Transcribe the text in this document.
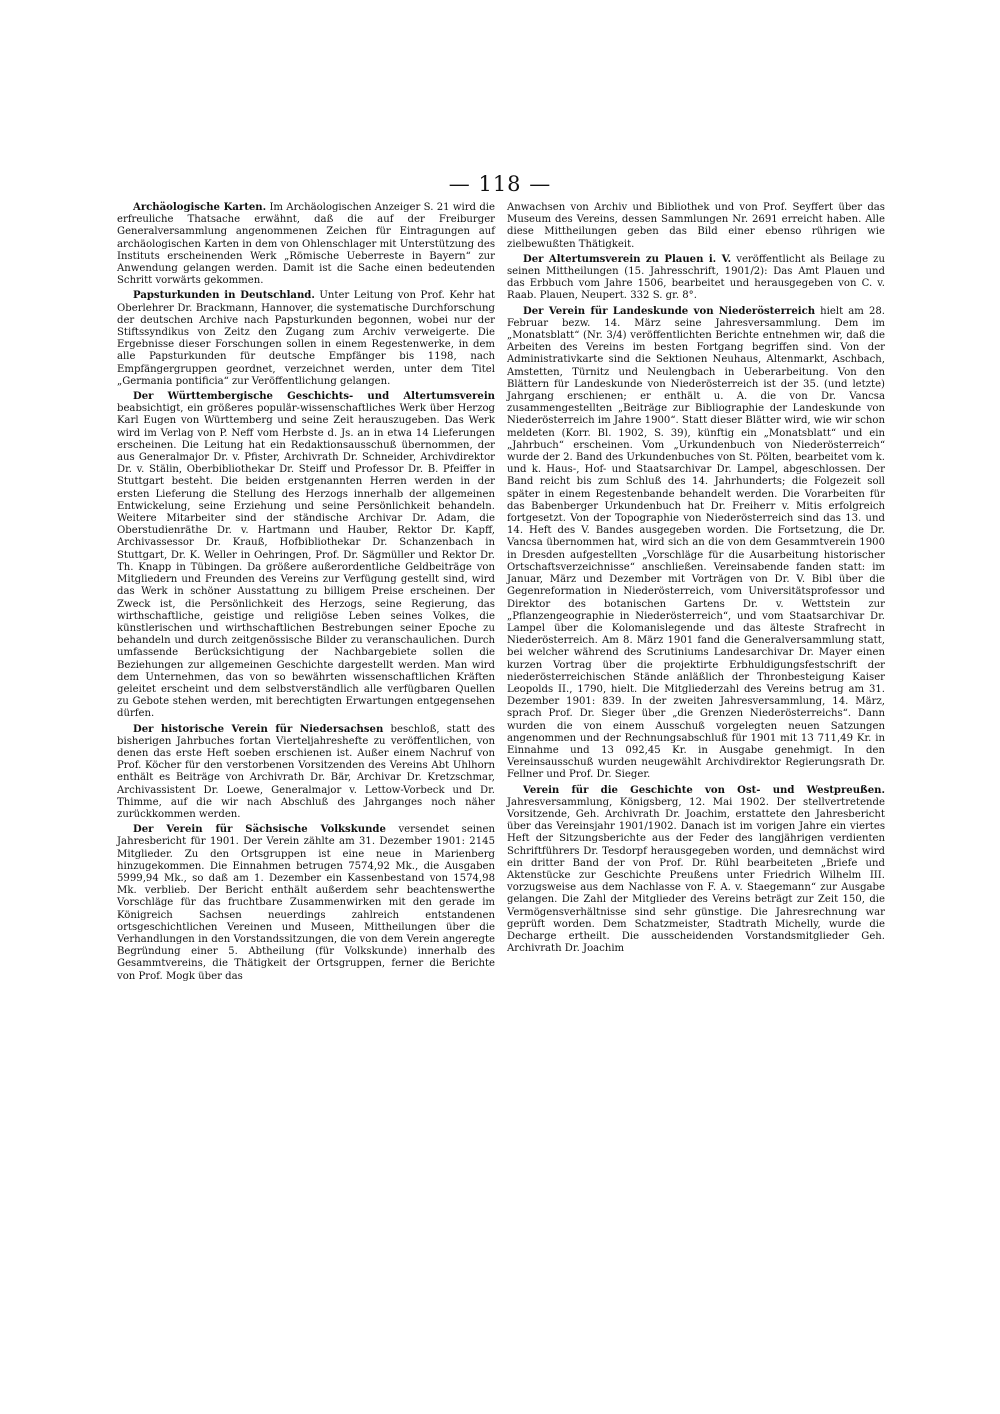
— 118 —

Archäologische Karten. Im Archäologischen Anzeiger S. 21 wird die erfreuliche Thatsache erwähnt, daß die auf der Freiburger Generalversammlung angenommenen Zeichen für Eintragungen auf archäologischen Karten in dem von Ohlenschlager mit Unterstützung des Instituts erscheinenden Werk „Römische Ueberreste in Bayern“ zur Anwendung gelangen werden. Damit ist die Sache einen bedeutenden Schritt vorwärts gekommen.

Papsturkunden in Deutschland. Unter Leitung von Prof. Kehr hat Oberlehrer Dr. Brackmann, Hannover, die systematische Durchforschung der deutschen Archive nach Papsturkunden begonnen, wobei nur der Stiftssyndikus von Zeitz den Zugang zum Archiv verweigerte. Die Ergebnisse dieser Forschungen sollen in einem Regestenwerke, in dem alle Papsturkunden für deutsche Empfänger bis 1198, nach Empfängergruppen geordnet, verzeichnet werden, unter dem Titel „Germania pontificia“ zur Veröffentlichung gelangen.

Der Württembergische Geschichts- und Altertumsverein beabsichtigt, ein größeres populär-wissenschaftliches Werk über Herzog Karl Eugen von Württemberg und seine Zeit herauszugeben. Das Werk wird im Verlag von P. Neff vom Herbste d. Js. an in etwa 14 Lieferungen erscheinen. Die Leitung hat ein Redaktionsausschuß übernommen, der aus Generalmajor Dr. v. Pfister, Archivrath Dr. Schneider, Archivdirektor Dr. v. Stälin, Oberbibliothekar Dr. Steiff und Professor Dr. B. Pfeiffer in Stuttgart besteht. Die beiden erstgenannten Herren werden in der ersten Lieferung die Stellung des Herzogs innerhalb der allgemeinen Entwickelung, seine Erziehung und seine Persönlichkeit behandeln. Weitere Mitarbeiter sind der ständische Archivar Dr. Adam, die Oberstudienräthe Dr. v. Hartmann und Hauber, Rektor Dr. Kapff, Archivassessor Dr. Krauß, Hofbibliothekar Dr. Schanzenbach in Stuttgart, Dr. K. Weller in Oehringen, Prof. Dr. Sägmüller und Rektor Dr. Th. Knapp in Tübingen. Da größere außerordentliche Geldbeiträge von Mitgliedern und Freunden des Vereins zur Verfügung gestellt sind, wird das Werk in schöner Ausstattung zu billigem Preise erscheinen. Der Zweck ist, die Persönlichkeit des Herzogs, seine Regierung, das wirthschaftliche, geistige und religiöse Leben seines Volkes, die künstlerischen und wirthschaftlichen Bestrebungen seiner Epoche zu behandeln und durch zeitgenössische Bilder zu veranschaulichen. Durch umfassende Berücksichtigung der Nachbargebiete sollen die Beziehungen zur allgemeinen Geschichte dargestellt werden. Man wird dem Unternehmen, das von so bewährten wissenschaftlichen Kräften geleitet erscheint und dem selbstverständlich alle verfügbaren Quellen zu Gebote stehen werden, mit berechtigten Erwartungen entgegensehen dürfen.

Der historische Verein für Niedersachsen beschloß, statt des bisherigen Jahrbuches fortan Vierteljahreshefte zu veröffentlichen, von denen das erste Heft soeben erschienen ist. Außer einem Nachruf von Prof. Köcher für den verstorbenen Vorsitzenden des Vereins Abt Uhlhorn enthält es Beiträge von Archivrath Dr. Bär, Archivar Dr. Kretzschmar, Archivassistent Dr. Loewe, Generalmajor v. Lettow-Vorbeck und Dr. Thimme, auf die wir nach Abschluß des Jahrganges noch näher zurückkommen werden.

Der Verein für Sächsische Volkskunde versendet seinen Jahresbericht für 1901. Der Verein zählte am 31. Dezember 1901: 2145 Mitglieder. Zu den Ortsgruppen ist eine neue in Marienberg hinzugekommen. Die Einnahmen betrugen 7574,92 Mk., die Ausgaben 5999,94 Mk., so daß am 1. Dezember ein Kassenbestand von 1574,98 Mk. verblieb. Der Bericht enthält außerdem sehr beachtenswerthe Vorschläge für das fruchtbare Zusammenwirken mit den gerade im Königreich Sachsen neuerdings zahlreich entstandenen ortsgeschichtlichen Vereinen und Museen, Mittheilungen über die Verhandlungen in den Vorstandssitzungen, die von dem Verein angeregte Begründung einer 5. Abtheilung (für Volkskunde) innerhalb des Gesammtvereins, die Thätigkeit der Ortsgruppen, ferner die Berichte von Prof. Mogk über das

Anwachsen von Archiv und Bibliothek und von Prof. Seyffert über das Museum des Vereins, dessen Sammlungen Nr. 2691 erreicht haben. Alle diese Mittheilungen geben das Bild einer ebenso rührigen wie zielbewußten Thätigkeit.

Der Altertumsverein zu Plauen i. V. veröffentlicht als Beilage zu seinen Mittheilungen (15. Jahresschrift, 1901/2): Das Amt Plauen und das Erbbuch vom Jahre 1506, bearbeitet und herausgegeben von C. v. Raab. Plauen, Neupert. 332 S. gr. 8°.

Der Verein für Landeskunde von Niederösterreich hielt am 28. Februar bezw. 14. März seine Jahresversammlung. Dem im „Monatsblatt“ (Nr. 3/4) veröffentlichten Berichte entnehmen wir, daß die Arbeiten des Vereins im besten Fortgang begriffen sind. Von der Administrativkarte sind die Sektionen Neuhaus, Altenmarkt, Aschbach, Amstetten, Türnitz und Neulengbach in Ueberarbeitung. Von den Blättern für Landeskunde von Niederösterreich ist der 35. (und letzte) Jahrgang erschienen; er enthält u. A. die von Dr. Vancsa zusammengestellten „Beiträge zur Bibliographie der Landeskunde von Niederösterreich im Jahre 1900“. Statt dieser Blätter wird, wie wir schon meldeten (Korr. Bl. 1902, S. 39), künftig ein „Monatsblatt“ und ein „Jahrbuch“ erscheinen. Vom „Urkundenbuch von Niederösterreich“ wurde der 2. Band des Urkundenbuches von St. Pölten, bearbeitet vom k. und k. Haus-, Hof- und Staatsarchivar Dr. Lampel, abgeschlossen. Der Band reicht bis zum Schluß des 14. Jahrhunderts; die Folgezeit soll später in einem Regestenbande behandelt werden. Die Vorarbeiten für das Babenberger Urkundenbuch hat Dr. Freiherr v. Mitis erfolgreich fortgesetzt. Von der Topographie von Niederösterreich sind das 13. und 14. Heft des V. Bandes ausgegeben worden. Die Fortsetzung, die Dr. Vancsa übernommen hat, wird sich an die von dem Gesammtverein 1900 in Dresden aufgestellten „Vorschläge für die Ausarbeitung historischer Ortschaftsverzeichnisse“ anschließen. Vereinsabende fanden statt: im Januar, März und Dezember mit Vorträgen von Dr. V. Bibl über die Gegenreformation in Niederösterreich, vom Universitätsprofessor und Direktor des botanischen Gartens Dr. v. Wettstein zur „Pflanzengeographie in Niederösterreich“, und vom Staatsarchivar Dr. Lampel über die Kolomanislegende und das älteste Strafrecht in Niederösterreich. Am 8. März 1901 fand die Generalversammlung statt, bei welcher während des Scrutiniums Landesarchivar Dr. Mayer einen kurzen Vortrag über die projektirte Erbhuldigungsfestschrift der niederösterreichischen Stände anläßlich der Thronbesteigung Kaiser Leopolds II., 1790, hielt. Die Mitgliederzahl des Vereins betrug am 31. Dezember 1901: 839. In der zweiten Jahresversammlung, 14. März, sprach Prof. Dr. Sieger über „die Grenzen Niederösterreichs“. Dann wurden die von einem Ausschuß vorgelegten neuen Satzungen angenommen und der Rechnungsabschluß für 1901 mit 13 711,49 Kr. in Einnahme und 13 092,45 Kr. in Ausgabe genehmigt. In den Vereinsausschuß wurden neugewählt Archivdirektor Regierungsrath Dr. Fellner und Prof. Dr. Sieger.

Verein für die Geschichte von Ost- und Westpreußen. Jahresversammlung, Königsberg, 12. Mai 1902. Der stellvertretende Vorsitzende, Geh. Archivrath Dr. Joachim, erstattete den Jahresbericht über das Vereinsjahr 1901/1902. Danach ist im vorigen Jahre ein viertes Heft der Sitzungsberichte aus der Feder des langjährigen verdienten Schriftführers Dr. Tesdorpf herausgegeben worden, und demnächst wird ein dritter Band der von Prof. Dr. Rühl bearbeiteten „Briefe und Aktenstücke zur Geschichte Preußens unter Friedrich Wilhelm III. vorzugsweise aus dem Nachlasse von F. A. v. Staegemann“ zur Ausgabe gelangen. Die Zahl der Mitglieder des Vereins beträgt zur Zeit 150, die Vermögensverhältnisse sind sehr günstige. Die Jahresrechnung war geprüft worden. Dem Schatzmeister, Stadtrath Michelly, wurde die Decharge ertheilt. Die ausscheidenden Vorstandsmitglieder Geh. Archivrath Dr. Joachim
